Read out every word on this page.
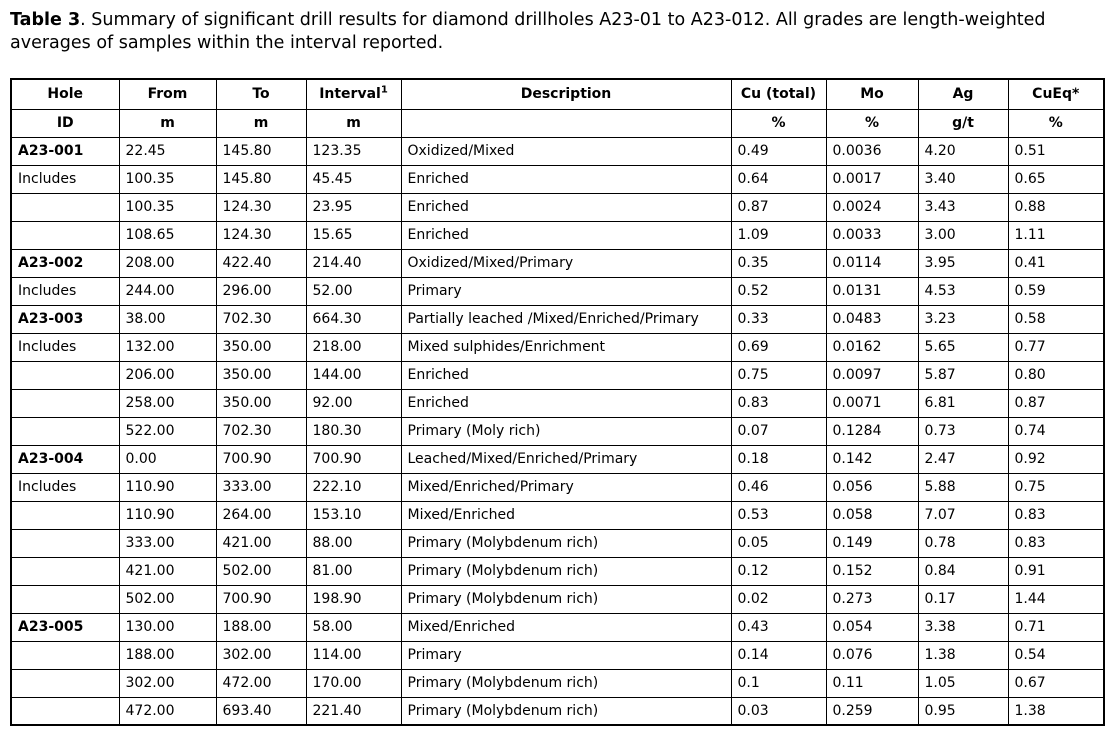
Table 3. Summary of significant drill results for diamond drillholes A23-01 to A23-012. All grades are length-weighted averages of samples within the interval reported.

Hole	From	To	Interval$^1$	Description	Cu (total)	Mo	Ag	CuEq*
ID	m	m	m		%	%	g/t	%
A23-001	22.45	145.80	123.35	Oxidized/Mixed	0.49	0.0036	4.20	0.51
Includes	100.35	145.80	45.45	Enriched	0.64	0.0017	3.40	0.65
	100.35	124.30	23.95	Enriched	0.87	0.0024	3.43	0.88
	108.65	124.30	15.65	Enriched	1.09	0.0033	3.00	1.11
A23-002	208.00	422.40	214.40	Oxidized/Mixed/Primary	0.35	0.0114	3.95	0.41
Includes	244.00	296.00	52.00	Primary	0.52	0.0131	4.53	0.59
A23-003	38.00	702.30	664.30	Partially leached /Mixed/Enriched/Primary	0.33	0.0483	3.23	0.58
Includes	132.00	350.00	218.00	Mixed sulphides/Enrichment	0.69	0.0162	5.65	0.77
	206.00	350.00	144.00	Enriched	0.75	0.0097	5.87	0.80
	258.00	350.00	92.00	Enriched	0.83	0.0071	6.81	0.87
	522.00	702.30	180.30	Primary (Moly rich)	0.07	0.1284	0.73	0.74
A23-004	0.00	700.90	700.90	Leached/Mixed/Enriched/Primary	0.18	0.142	2.47	0.92
Includes	110.90	333.00	222.10	Mixed/Enriched/Primary	0.46	0.056	5.88	0.75
	110.90	264.00	153.10	Mixed/Enriched	0.53	0.058	7.07	0.83
	333.00	421.00	88.00	Primary (Molybdenum rich)	0.05	0.149	0.78	0.83
	421.00	502.00	81.00	Primary (Molybdenum rich)	0.12	0.152	0.84	0.91
	502.00	700.90	198.90	Primary (Molybdenum rich)	0.02	0.273	0.17	1.44
A23-005	130.00	188.00	58.00	Mixed/Enriched	0.43	0.054	3.38	0.71
	188.00	302.00	114.00	Primary	0.14	0.076	1.38	0.54
	302.00	472.00	170.00	Primary (Molybdenum rich)	0.1	0.11	1.05	0.67
	472.00	693.40	221.40	Primary (Molybdenum rich)	0.03	0.259	0.95	1.38
